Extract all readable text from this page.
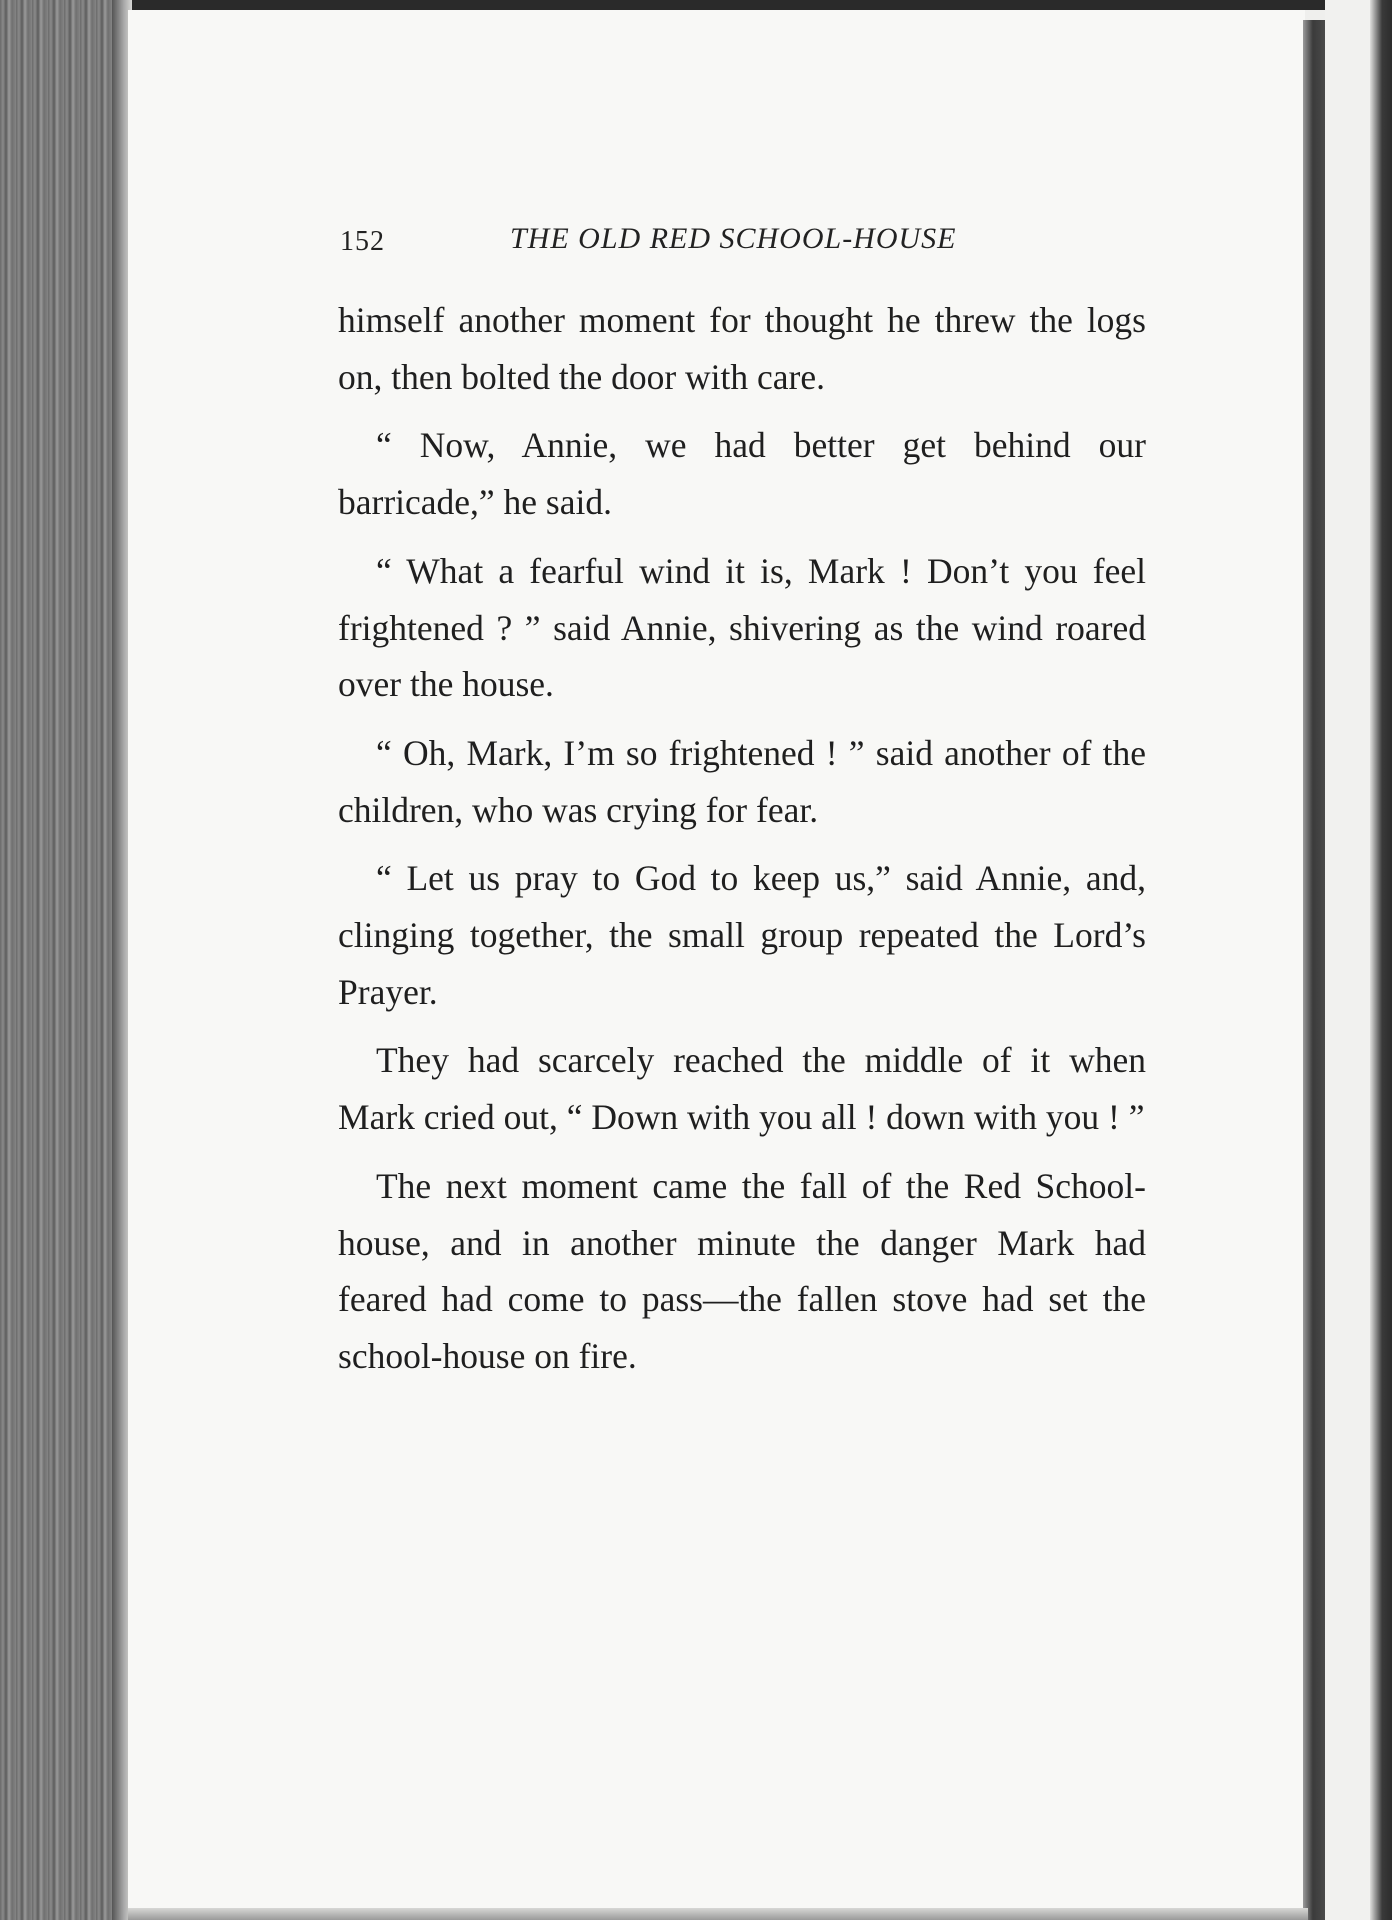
152	THE OLD RED SCHOOL-HOUSE

himself another moment for thought he threw the logs on, then bolted the door with care.

“ Now, Annie, we had better get behind our barricade,” he said.

“ What a fearful wind it is, Mark ! Don’t you feel frightened ? ” said Annie, shivering as the wind roared over the house.

“ Oh, Mark, I’m so frightened ! ” said another of the children, who was crying for fear.

“ Let us pray to God to keep us,” said Annie, and, clinging together, the small group repeated the Lord’s Prayer.

They had scarcely reached the middle of it when Mark cried out, “ Down with you all ! down with you ! ”

The next moment came the fall of the Red School-house, and in another minute the danger Mark had feared had come to pass—the fallen stove had set the school-house on fire.
